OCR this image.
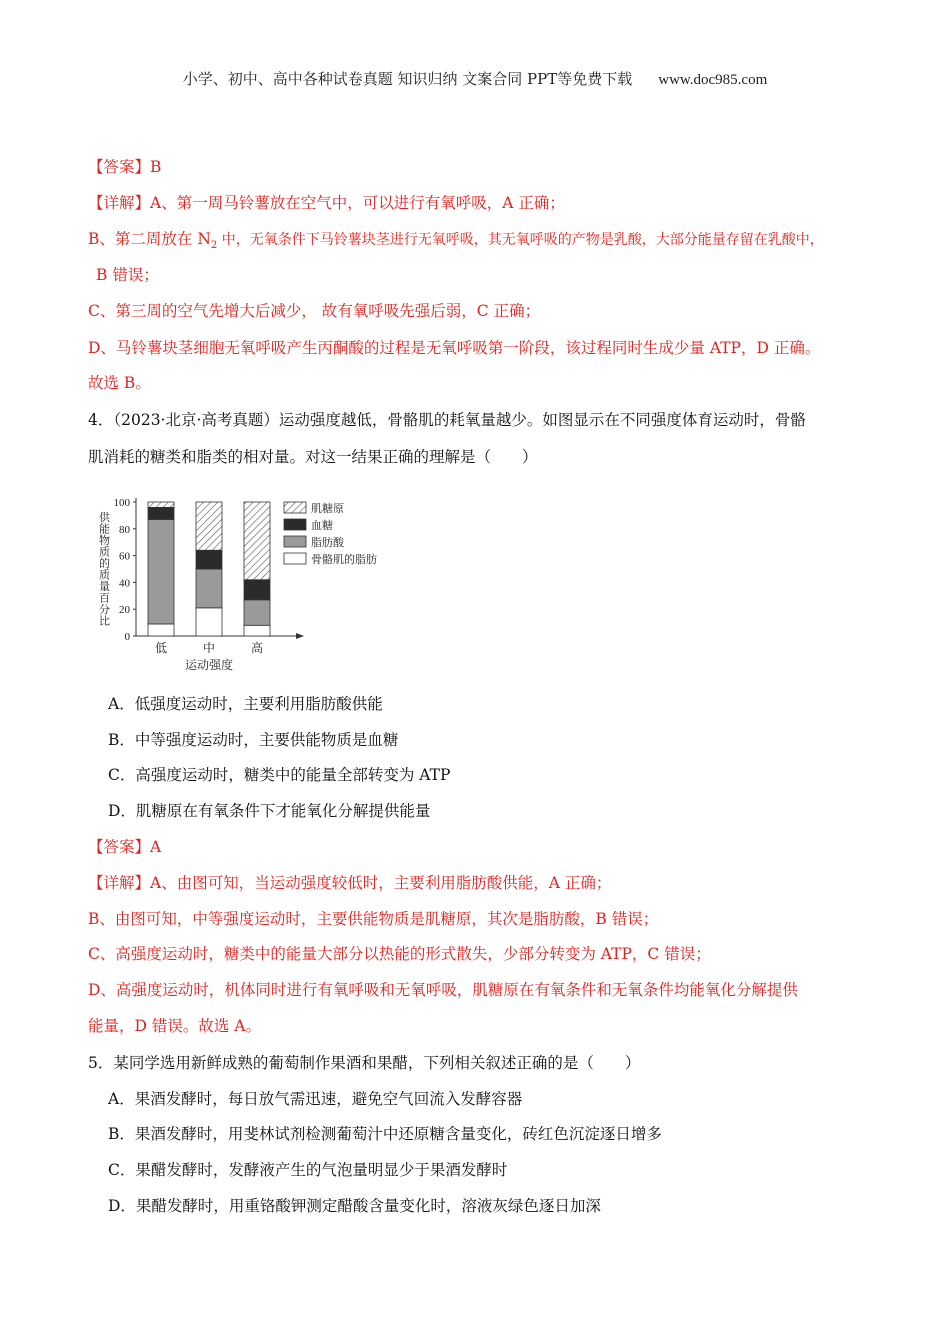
小学、初中、高中各种试卷真题 知识归纳 文案合同 PPT等免费下载 www.doc985.com
【答案】B
【详解】A、第一周马铃薯放在空气中，可以进行有氧呼吸，A 正确；
B、第二周放在 $N_2$ 中，无氧条件下马铃薯块茎进行无氧呼吸，其无氧呼吸的产物是乳酸，大部分能量存留在乳酸中，
B 错误；
C、第三周的空气先增大后减少， 故有氧呼吸先强后弱，C 正确；
D、马铃薯块茎细胞无氧呼吸产生丙酮酸的过程是无氧呼吸第一阶段，该过程同时生成少量 ATP，D 正确。
故选 B。
4．（2023·北京·高考真题）运动强度越低，骨骼肌的耗氧量越少。如图显示在不同强度体育运动时，骨骼
肌消耗的糖类和脂类的相对量。对这一结果正确的理解是（　　）
0
20
40
60
80
100
供能物质的质量百分比
低	中	高
运动强度
肌糖原
血糖
脂肪酸
骨骼肌的脂肪
A．低强度运动时，主要利用脂肪酸供能
B．中等强度运动时，主要供能物质是血糖
C．高强度运动时，糖类中的能量全部转变为 ATP
D．肌糖原在有氧条件下才能氧化分解提供能量
【答案】A
【详解】A、由图可知，当运动强度较低时，主要利用脂肪酸供能，A 正确；
B、由图可知，中等强度运动时，主要供能物质是肌糖原，其次是脂肪酸，B 错误；
C、高强度运动时，糖类中的能量大部分以热能的形式散失，少部分转变为 ATP，C 错误；
D、高强度运动时，机体同时进行有氧呼吸和无氧呼吸，肌糖原在有氧条件和无氧条件均能氧化分解提供
能量，D 错误。故选 A。
5．某同学选用新鲜成熟的葡萄制作果酒和果醋，下列相关叙述正确的是（　　）
A．果酒发酵时，每日放气需迅速，避免空气回流入发酵容器
B．果酒发酵时，用斐林试剂检测葡萄汁中还原糖含量变化，砖红色沉淀逐日增多
C．果醋发酵时，发酵液产生的气泡量明显少于果酒发酵时
D．果醋发酵时，用重铬酸钾测定醋酸含量变化时，溶液灰绿色逐日加深
